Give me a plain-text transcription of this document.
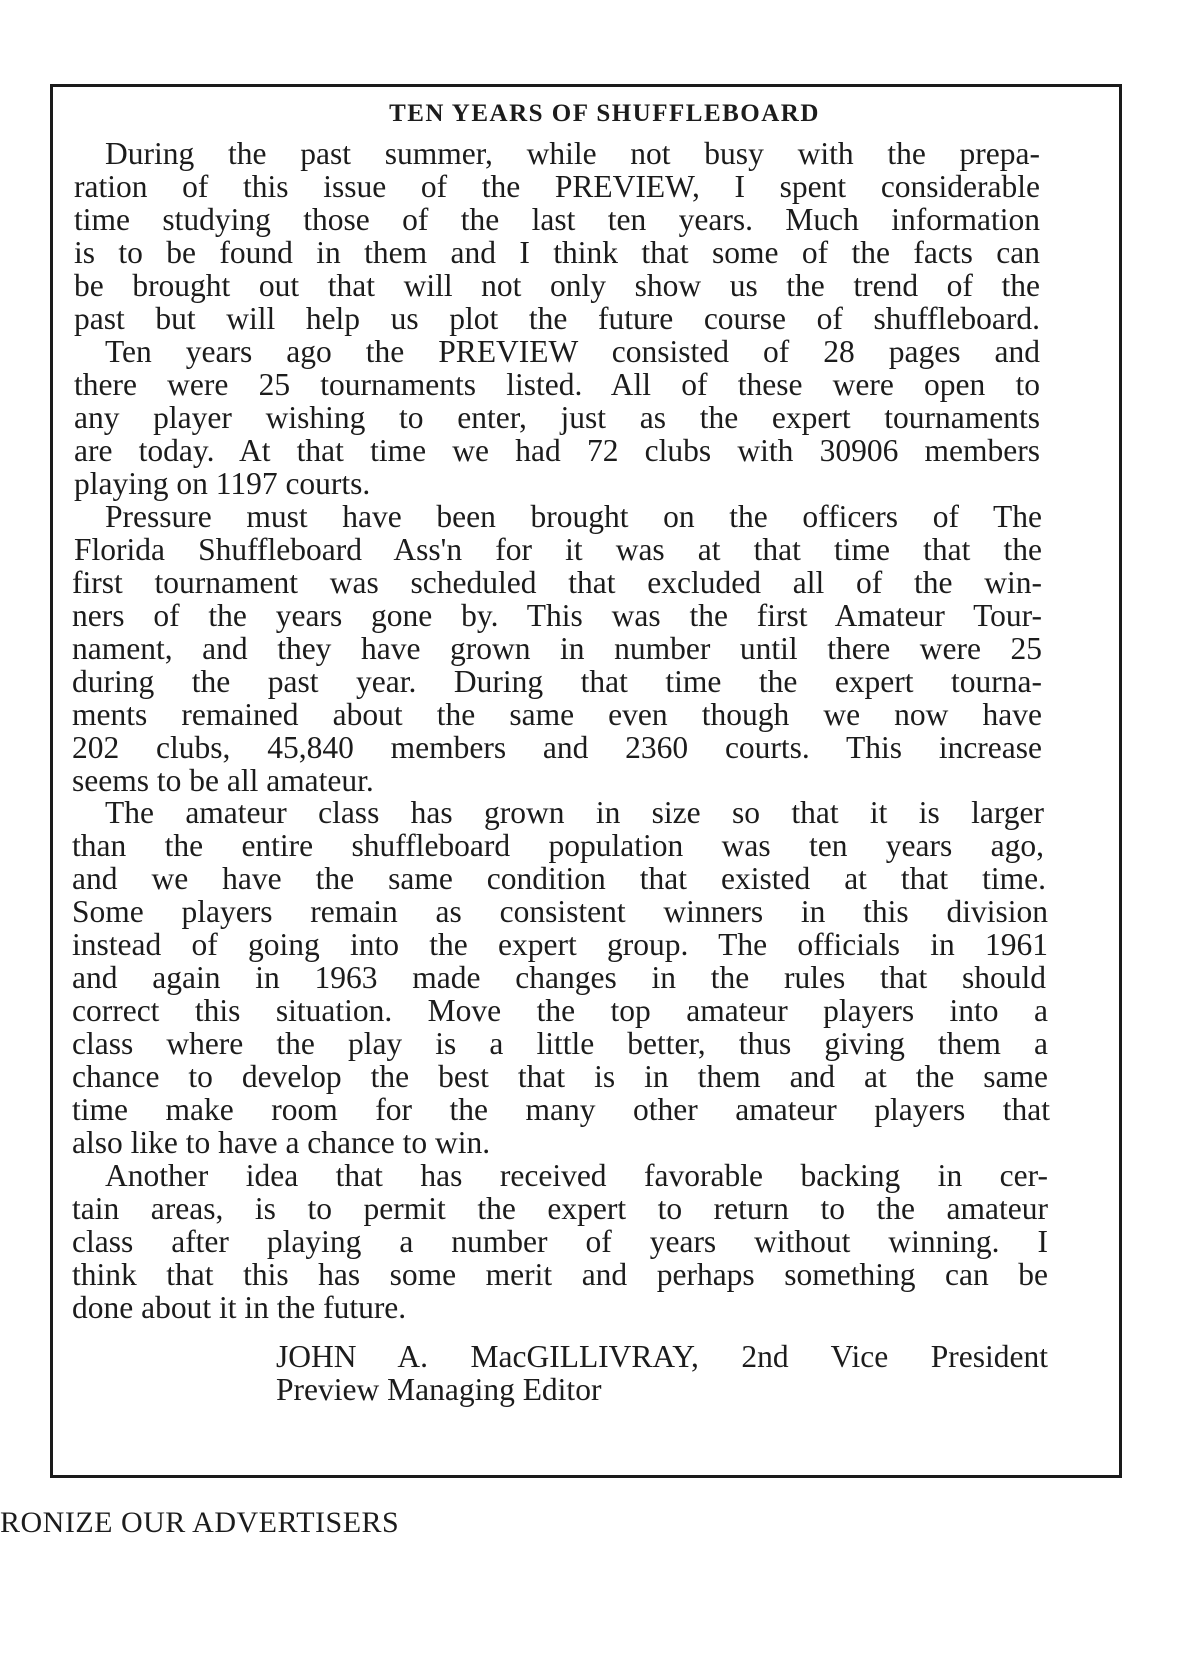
TEN YEARS OF SHUFFLEBOARD
During the past summer, while not busy with the prepa-
ration of this issue of the PREVIEW, I spent considerable
time studying those of the last ten years. Much information
is to be found in them and I think that some of the facts can
be brought out that will not only show us the trend of the
past but will help us plot the future course of shuffleboard.
Ten years ago the PREVIEW consisted of 28 pages and
there were 25 tournaments listed. All of these were open to
any player wishing to enter, just as the expert tournaments
are today. At that time we had 72 clubs with 30906 members
playing on 1197 courts.
Pressure must have been brought on the officers of The
Florida Shuffleboard Ass'n for it was at that time that the
first tournament was scheduled that excluded all of the win-
ners of the years gone by. This was the first Amateur Tour-
nament, and they have grown in number until there were 25
during the past year. During that time the expert tourna-
ments remained about the same even though we now have
202 clubs, 45,840 members and 2360 courts. This increase
seems to be all amateur.
The amateur class has grown in size so that it is larger
than the entire shuffleboard population was ten years ago,
and we have the same condition that existed at that time.
Some players remain as consistent winners in this division
instead of going into the expert group. The officials in 1961
and again in 1963 made changes in the rules that should
correct this situation. Move the top amateur players into a
class where the play is a little better, thus giving them a
chance to develop the best that is in them and at the same
time make room for the many other amateur players that
also like to have a chance to win.
Another idea that has received favorable backing in cer-
tain areas, is to permit the expert to return to the amateur
class after playing a number of years without winning. I
think that this has some merit and perhaps something can be
done about it in the future.
JOHN A. MacGILLIVRAY, 2nd Vice President
Preview Managing Editor
RONIZE OUR ADVERTISERS
